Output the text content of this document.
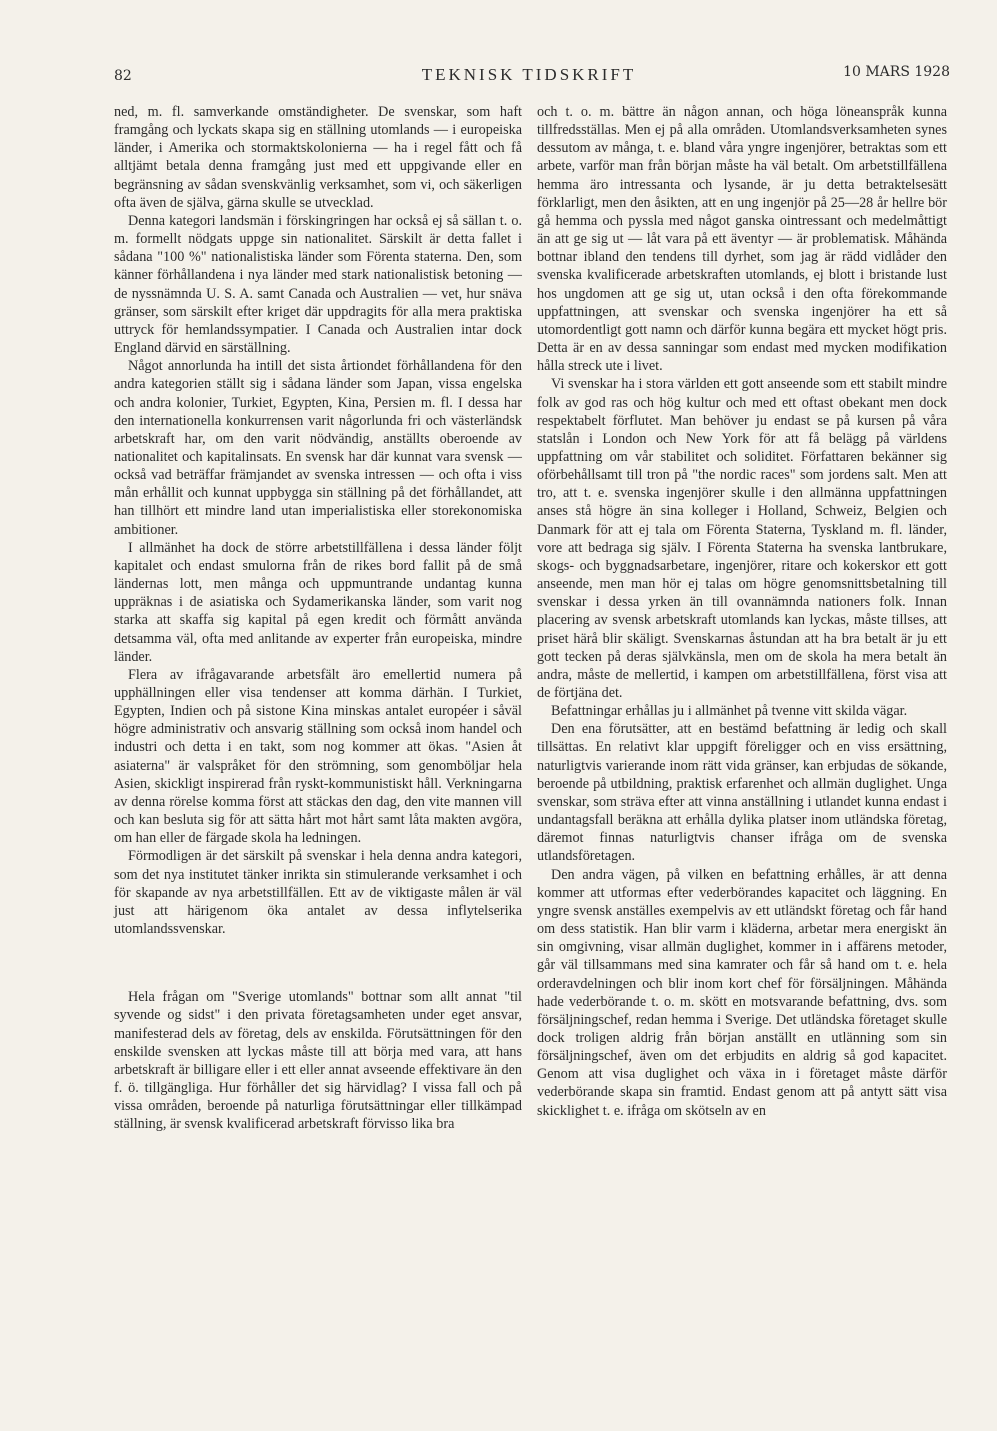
82	TEKNISK TIDSKRIFT	10 MARS 1928

ned, m. fl. samverkande omständigheter. De svenskar, som haft framgång och lyckats skapa sig en ställning utomlands — i europeiska länder, i Amerika och stormaktskolonierna — ha i regel fått och få alltjämt betala denna framgång just med ett uppgivande eller en begränsning av sådan svenskvänlig verksamhet, som vi, och säkerligen ofta även de själva, gärna skulle se utvecklad.

Denna kategori landsmän i förskingringen har också ej så sällan t. o. m. formellt nödgats uppge sin nationalitet. Särskilt är detta fallet i sådana "100 %" nationalistiska länder som Förenta staterna. Den, som känner förhållandena i nya länder med stark nationalistisk betoning — de nyssnämnda U. S. A. samt Canada och Australien — vet, hur snäva gränser, som särskilt efter kriget där uppdragits för alla mera praktiska uttryck för hemlandssympatier. I Canada och Australien intar dock England därvid en särställning.

Något annorlunda ha intill det sista årtiondet förhållandena för den andra kategorien ställt sig i sådana länder som Japan, vissa engelska och andra kolonier, Turkiet, Egypten, Kina, Persien m. fl. I dessa har den internationella konkurrensen varit någorlunda fri och västerländsk arbetskraft har, om den varit nödvändig, anställts oberoende av nationalitet och kapitalinsats. En svensk har där kunnat vara svensk — också vad beträffar främjandet av svenska intressen — och ofta i viss mån erhållit och kunnat uppbygga sin ställning på det förhållandet, att han tillhört ett mindre land utan imperialistiska eller storekonomiska ambitioner.

I allmänhet ha dock de större arbetstillfällena i dessa länder följt kapitalet och endast smulorna från de rikes bord fallit på de små ländernas lott, men många och uppmuntrande undantag kunna uppräknas i de asiatiska och Sydamerikanska länder, som varit nog starka att skaffa sig kapital på egen kredit och förmått använda detsamma väl, ofta med anlitande av experter från europeiska, mindre länder.

Flera av ifrågavarande arbetsfält äro emellertid numera på upphällningen eller visa tendenser att komma därhän. I Turkiet, Egypten, Indien och på sistone Kina minskas antalet européer i såväl högre administrativ och ansvarig ställning som också inom handel och industri och detta i en takt, som nog kommer att ökas. "Asien åt asiaterna" är valspråket för den strömning, som genomböljar hela Asien, skickligt inspirerad från ryskt-kommunistiskt håll. Verkningarna av denna rörelse komma först att stäckas den dag, den vite mannen vill och kan besluta sig för att sätta hårt mot hårt samt låta makten avgöra, om han eller de färgade skola ha ledningen.

Förmodligen är det särskilt på svenskar i hela denna andra kategori, som det nya institutet tänker inrikta sin stimulerande verksamhet i och för skapande av nya arbetstillfällen. Ett av de viktigaste målen är väl just att härigenom öka antalet av dessa inflytelserika utomlandssvenskar.

Hela frågan om "Sverige utomlands" bottnar som allt annat "til syvende og sidst" i den privata företagsamheten under eget ansvar, manifesterad dels av företag, dels av enskilda. Förutsättningen för den enskilde svensken att lyckas måste till att börja med vara, att hans arbetskraft är billigare eller i ett eller annat avseende effektivare än den f. ö. tillgängliga. Hur förhåller det sig härvidlag? I vissa fall och på vissa områden, beroende på naturliga förutsättningar eller tillkämpad ställning, är svensk kvalificerad arbetskraft förvisso lika bra

och t. o. m. bättre än någon annan, och höga löneanspråk kunna tillfredsställas. Men ej på alla områden. Utomlandsverksamheten synes dessutom av många, t. e. bland våra yngre ingenjörer, betraktas som ett arbete, varför man från början måste ha väl betalt. Om arbetstillfällena hemma äro intressanta och lysande, är ju detta betraktelsesätt förklarligt, men den åsikten, att en ung ingenjör på 25—28 år hellre bör gå hemma och pyssla med något ganska ointressant och medelmåttigt än att ge sig ut — låt vara på ett äventyr — är problematisk. Måhända bottnar ibland den tendens till dyrhet, som jag är rädd vidlåder den svenska kvalificerade arbetskraften utomlands, ej blott i bristande lust hos ungdomen att ge sig ut, utan också i den ofta förekommande uppfattningen, att svenskar och svenska ingenjörer ha ett så utomordentligt gott namn och därför kunna begära ett mycket högt pris. Detta är en av dessa sanningar som endast med mycken modifikation hålla streck ute i livet.

Vi svenskar ha i stora världen ett gott anseende som ett stabilt mindre folk av god ras och hög kultur och med ett oftast obekant men dock respektabelt förflutet. Man behöver ju endast se på kursen på våra statslån i London och New York för att få belägg på världens uppfattning om vår stabilitet och soliditet. Författaren bekänner sig oförbehållsamt till tron på "the nordic races" som jordens salt. Men att tro, att t. e. svenska ingenjörer skulle i den allmänna uppfattningen anses stå högre än sina kolleger i Holland, Schweiz, Belgien och Danmark för att ej tala om Förenta Staterna, Tyskland m. fl. länder, vore att bedraga sig själv. I Förenta Staterna ha svenska lantbrukare, skogs- och byggnadsarbetare, ingenjörer, ritare och kokerskor ett gott anseende, men man hör ej talas om högre genomsnittsbetalning till svenskar i dessa yrken än till ovannämnda nationers folk. Innan placering av svensk arbetskraft utomlands kan lyckas, måste tillses, att priset härå blir skäligt. Svenskarnas åstundan att ha bra betalt är ju ett gott tecken på deras självkänsla, men om de skola ha mera betalt än andra, måste de mellertid, i kampen om arbetstillfällena, först visa att de förtjäna det.

Befattningar erhållas ju i allmänhet på tvenne vitt skilda vägar.

Den ena förutsätter, att en bestämd befattning är ledig och skall tillsättas. En relativt klar uppgift föreligger och en viss ersättning, naturligtvis varierande inom rätt vida gränser, kan erbjudas de sökande, beroende på utbildning, praktisk erfarenhet och allmän duglighet. Unga svenskar, som sträva efter att vinna anställning i utlandet kunna endast i undantagsfall beräkna att erhålla dylika platser inom utländska företag, däremot finnas naturligtvis chanser ifråga om de svenska utlandsföretagen.

Den andra vägen, på vilken en befattning erhålles, är att denna kommer att utformas efter vederbörandes kapacitet och läggning. En yngre svensk anställes exempelvis av ett utländskt företag och får hand om dess statistik. Han blir varm i kläderna, arbetar mera energiskt än sin omgivning, visar allmän duglighet, kommer in i affärens metoder, går väl tillsammans med sina kamrater och får så hand om t. e. hela orderavdelningen och blir inom kort chef för försäljningen. Måhända hade vederbörande t. o. m. skött en motsvarande befattning, dvs. som försäljningschef, redan hemma i Sverige. Det utländska företaget skulle dock troligen aldrig från början anställt en utlänning som sin försäljningschef, även om det erbjudits en aldrig så god kapacitet. Genom att visa duglighet och växa in i företaget måste därför vederbörande skapa sin framtid. Endast genom att på antytt sätt visa skicklighet t. e. ifråga om skötseln av en
